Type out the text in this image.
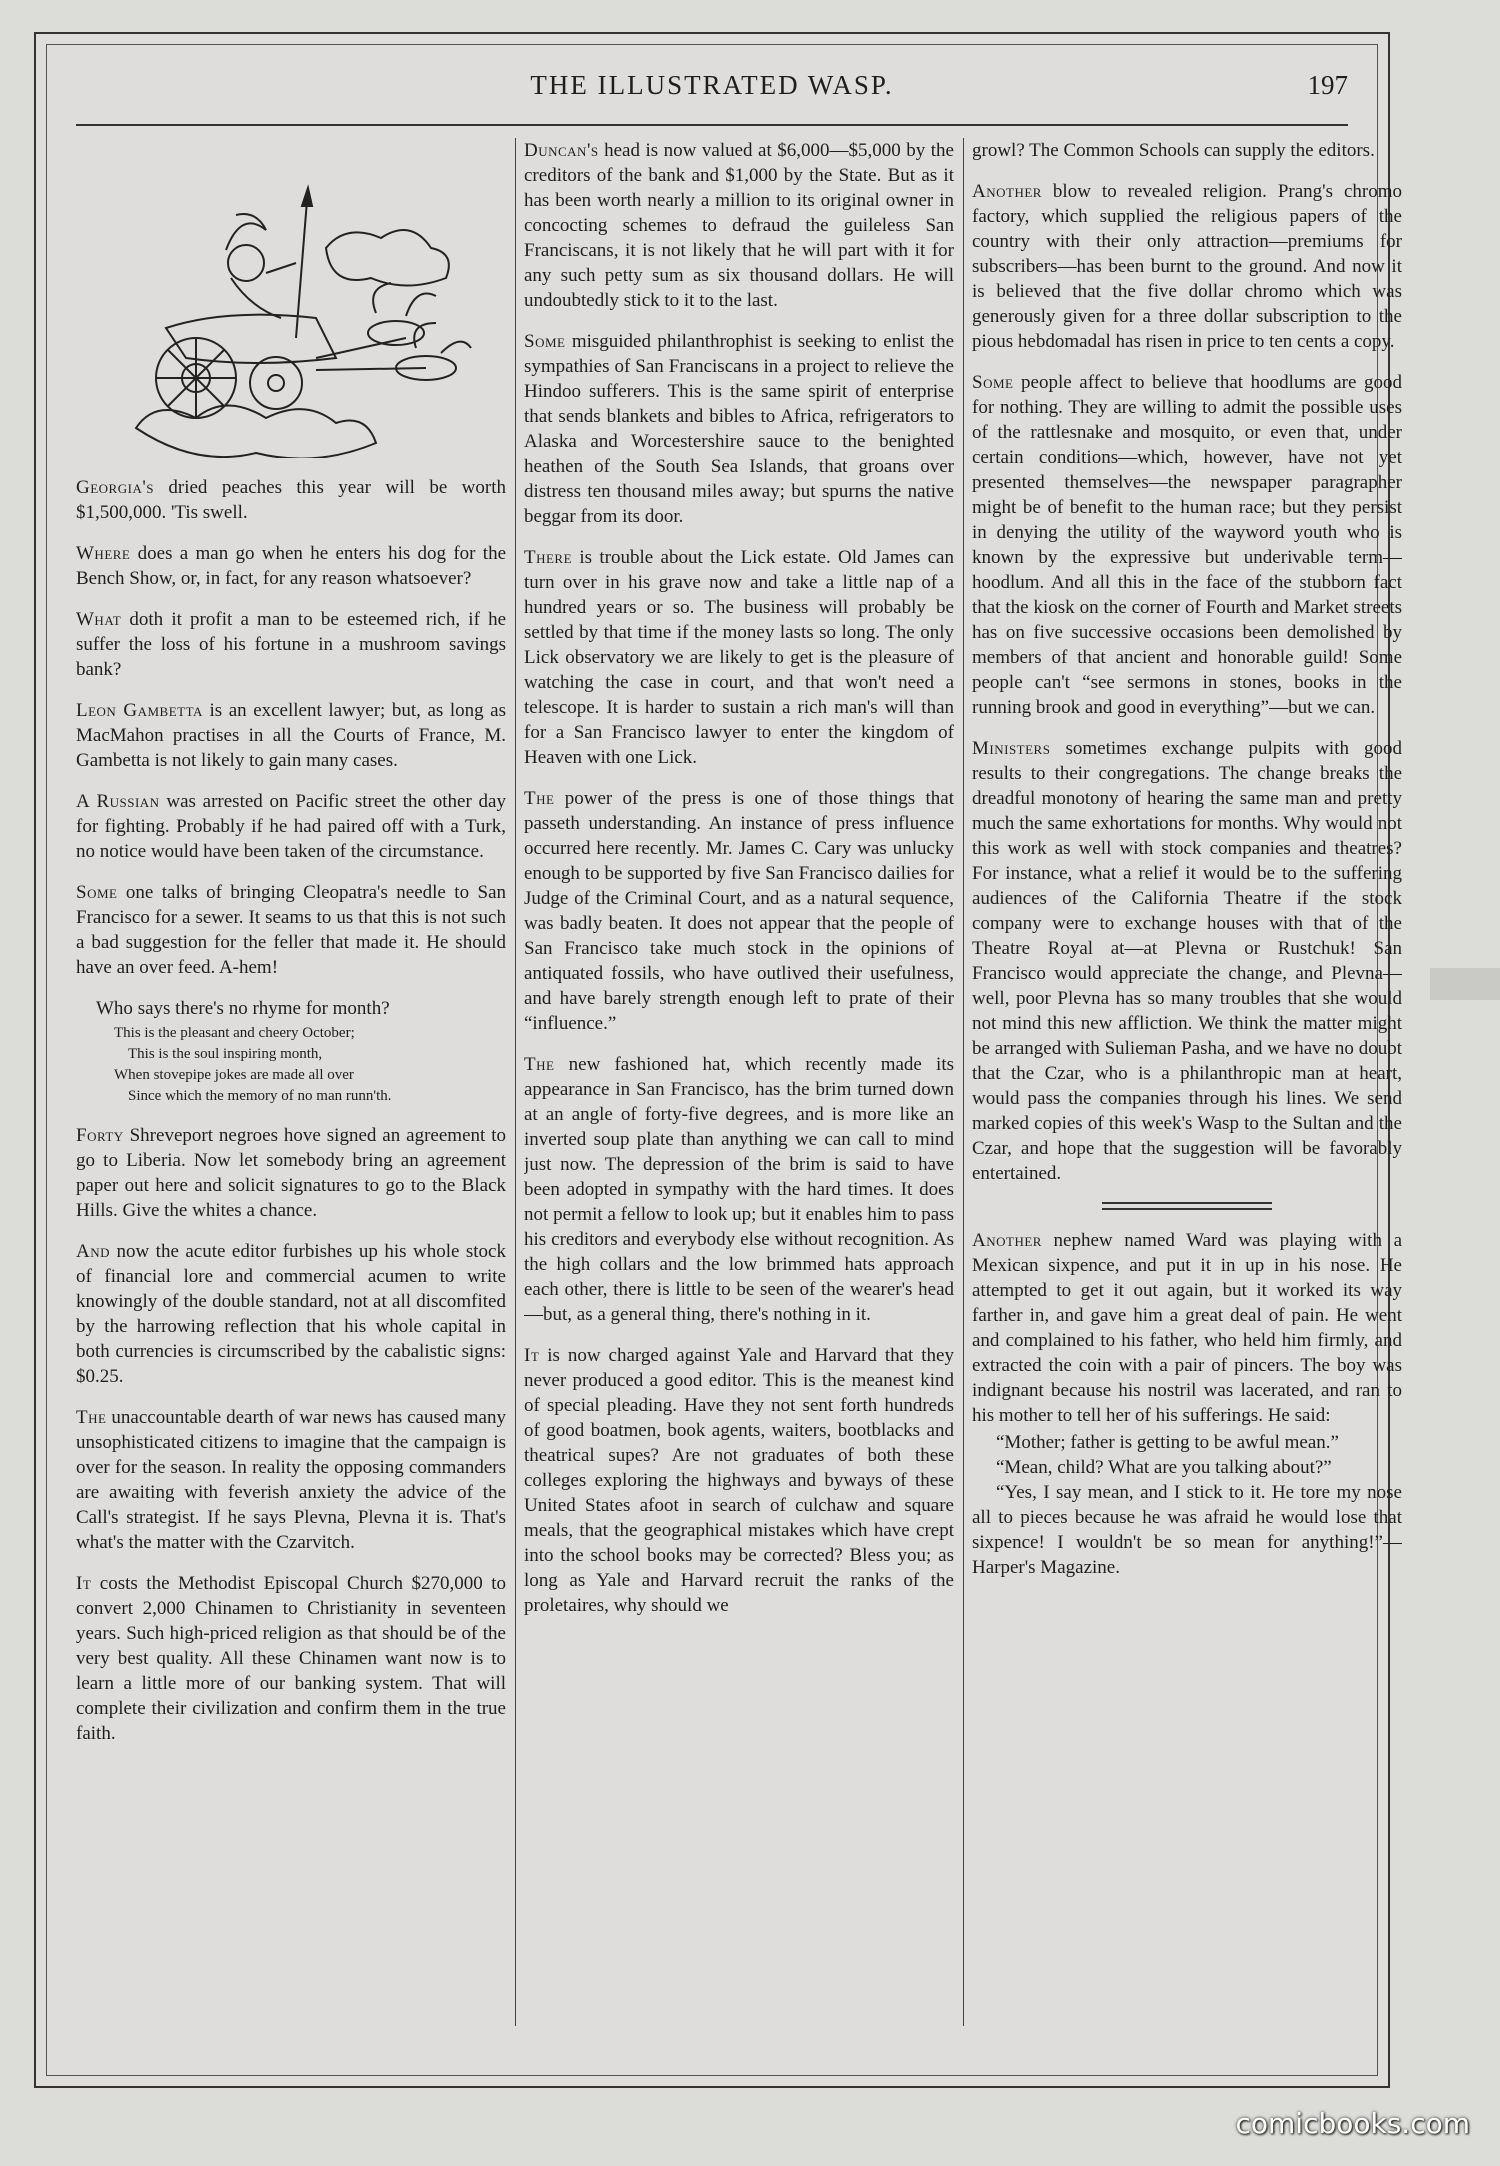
THE ILLUSTRATED WASP.	197

Georgia's dried peaches this year will be worth $1,500,000. 'Tis swell.

Where does a man go when he enters his dog for the Bench Show, or, in fact, for any reason whatsoever?

What doth it profit a man to be esteemed rich, if he suffer the loss of his fortune in a mushroom savings bank?

Leon Gambetta is an excellent lawyer; but, as long as MacMahon practises in all the Courts of France, M. Gambetta is not likely to gain many cases.

A Russian was arrested on Pacific street the other day for fighting. Probably if he had paired off with a Turk, no notice would have been taken of the circumstance.

Some one talks of bringing Cleopatra's needle to San Francisco for a sewer. It seams to us that this is not such a bad suggestion for the feller that made it. He should have an over feed. A-hem!

Who says there's no rhyme for month?

This is the pleasant and cheery October;
This is the soul inspiring month,
When stovepipe jokes are made all over
Since which the memory of no man runn'th.

Forty Shreveport negroes hove signed an agreement to go to Liberia. Now let somebody bring an agreement paper out here and solicit signatures to go to the Black Hills. Give the whites a chance.

And now the acute editor furbishes up his whole stock of financial lore and commercial acumen to write knowingly of the double standard, not at all discomfited by the harrowing reflection that his whole capital in both currencies is circumscribed by the cabalistic signs: $0.25.

The unaccountable dearth of war news has caused many unsophisticated citizens to imagine that the campaign is over for the season. In reality the opposing commanders are awaiting with feverish anxiety the advice of the Call's strategist. If he says Plevna, Plevna it is. That's what's the matter with the Czarvitch.

It costs the Methodist Episcopal Church $270,000 to convert 2,000 Chinamen to Christianity in seventeen years. Such high-priced religion as that should be of the very best quality. All these Chinamen want now is to learn a little more of our banking system. That will complete their civilization and confirm them in the true faith.

Duncan's head is now valued at $6,000—$5,000 by the creditors of the bank and $1,000 by the State. But as it has been worth nearly a million to its original owner in concocting schemes to defraud the guileless San Franciscans, it is not likely that he will part with it for any such petty sum as six thousand dollars. He will undoubtedly stick to it to the last.

Some misguided philanthrophist is seeking to enlist the sympathies of San Franciscans in a project to relieve the Hindoo sufferers. This is the same spirit of enterprise that sends blankets and bibles to Africa, refrigerators to Alaska and Worcestershire sauce to the benighted heathen of the South Sea Islands, that groans over distress ten thousand miles away; but spurns the native beggar from its door.

There is trouble about the Lick estate. Old James can turn over in his grave now and take a little nap of a hundred years or so. The business will probably be settled by that time if the money lasts so long. The only Lick observatory we are likely to get is the pleasure of watching the case in court, and that won't need a telescope. It is harder to sustain a rich man's will than for a San Francisco lawyer to enter the kingdom of Heaven with one Lick.

The power of the press is one of those things that passeth understanding. An instance of press influence occurred here recently. Mr. James C. Cary was unlucky enough to be supported by five San Francisco dailies for Judge of the Criminal Court, and as a natural sequence, was badly beaten. It does not appear that the people of San Francisco take much stock in the opinions of antiquated fossils, who have outlived their usefulness, and have barely strength enough left to prate of their “influence.”

The new fashioned hat, which recently made its appearance in San Francisco, has the brim turned down at an angle of forty-five degrees, and is more like an inverted soup plate than anything we can call to mind just now. The depression of the brim is said to have been adopted in sympathy with the hard times. It does not permit a fellow to look up; but it enables him to pass his creditors and everybody else without recognition. As the high collars and the low brimmed hats approach each other, there is little to be seen of the wearer's head—but, as a general thing, there's nothing in it.

It is now charged against Yale and Harvard that they never produced a good editor. This is the meanest kind of special pleading. Have they not sent forth hundreds of good boatmen, book agents, waiters, bootblacks and theatrical supes? Are not graduates of both these colleges exploring the highways and byways of these United States afoot in search of culchaw and square meals, that the geographical mistakes which have crept into the school books may be corrected? Bless you; as long as Yale and Harvard recruit the ranks of the proletaires, why should we

growl? The Common Schools can supply the editors.

Another blow to revealed religion. Prang's chromo factory, which supplied the religious papers of the country with their only attraction—premiums for subscribers—has been burnt to the ground. And now it is believed that the five dollar chromo which was generously given for a three dollar subscription to the pious hebdomadal has risen in price to ten cents a copy.

Some people affect to believe that hoodlums are good for nothing. They are willing to admit the possible uses of the rattlesnake and mosquito, or even that, under certain conditions—which, however, have not yet presented themselves—the newspaper paragrapher might be of benefit to the human race; but they persist in denying the utility of the wayword youth who is known by the expressive but underivable term—hoodlum. And all this in the face of the stubborn fact that the kiosk on the corner of Fourth and Market streets has on five successive occasions been demolished by members of that ancient and honorable guild! Some people can't “see sermons in stones, books in the running brook and good in everything”—but we can.

Ministers sometimes exchange pulpits with good results to their congregations. The change breaks the dreadful monotony of hearing the same man and pretty much the same exhortations for months. Why would not this work as well with stock companies and theatres? For instance, what a relief it would be to the suffering audiences of the California Theatre if the stock company were to exchange houses with that of the Theatre Royal at—at Plevna or Rustchuk! San Francisco would appreciate the change, and Plevna—well, poor Plevna has so many troubles that she would not mind this new affliction. We think the matter might be arranged with Sulieman Pasha, and we have no doubt that the Czar, who is a philanthropic man at heart, would pass the companies through his lines. We send marked copies of this week's Wasp to the Sultan and the Czar, and hope that the suggestion will be favorably entertained.

Another nephew named Ward was playing with a Mexican sixpence, and put it in up in his nose. He attempted to get it out again, but it worked its way farther in, and gave him a great deal of pain. He went and complained to his father, who held him firmly, and extracted the coin with a pair of pincers. The boy was indignant because his nostril was lacerated, and ran to his mother to tell her of his sufferings. He said:

“Mother; father is getting to be awful mean.”

“Mean, child? What are you talking about?”

“Yes, I say mean, and I stick to it. He tore my nose all to pieces because he was afraid he would lose that sixpence! I wouldn't be so mean for anything!”—Harper's Magazine.

comicbooks.com
